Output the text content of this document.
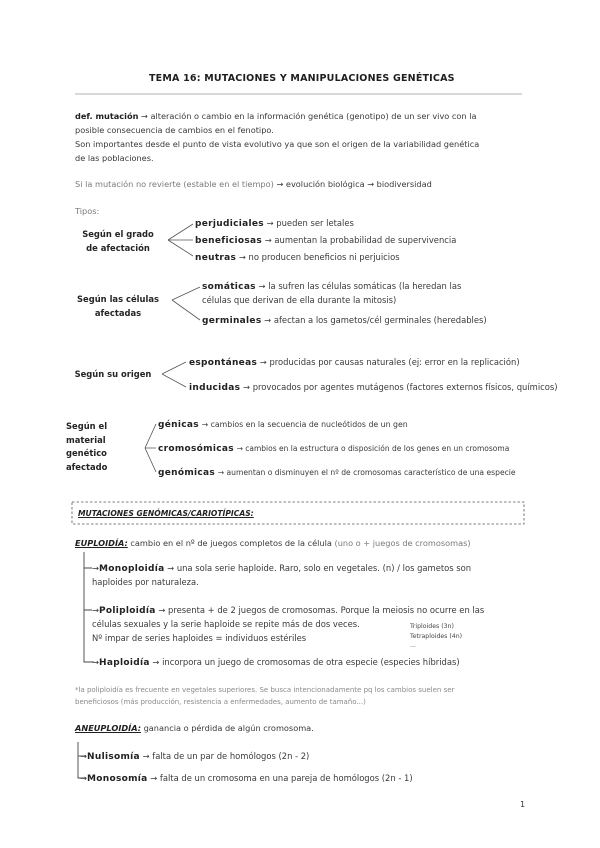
TEMA 16: MUTACIONES Y MANIPULACIONES GENÉTICAS
def. mutación → alteración o cambio en la información genética (genotipo) de un ser vivo con la
posible consecuencia de cambios en el fenotipo.
Son importantes desde el punto de vista evolutivo ya que son el origen de la variabilidad genética
de las poblaciones.
Si la mutación no revierte (estable en el tiempo) → evolución biológica → biodiversidad
Tipos:
Según el grado
de afectación
perjudiciales → pueden ser letales
beneficiosas → aumentan la probabilidad de supervivencia
neutras → no producen beneficios ni perjuicios
Según las células
afectadas
somáticas → la sufren las células somáticas (la heredan las
células que derivan de ella durante la mitosis)
germinales → afectan a los gametos/cél germinales (heredables)
Según su origen
espontáneas → producidas por causas naturales (ej: error en la replicación)
inducidas → provocados por agentes mutágenos (factores externos físicos, químicos)
Según el
material
genético
afectado
génicas → cambios en la secuencia de nucleótidos de un gen
cromosómicas → cambios en la estructura o disposición de los genes en un cromosoma
genómicas → aumentan o disminuyen el nº de cromosomas característico de una especie
MUTACIONES GENÓMICAS/CARIOTÍPICAS:
EUPLOIDÍA: cambio en el nº de juegos completos de la célula (uno o + juegos de cromosomas)
→Monoploidía → una sola serie haploide. Raro, solo en vegetales. (n) / los gametos son
haploides por naturaleza.
→Poliploidía → presenta + de 2 juegos de cromosomas. Porque la meiosis no ocurre en las
células sexuales y la serie haploide se repite más de dos veces.
Nº impar de series haploides = individuos estériles
Triploides (3n)
Tetraploides (4n)
...
→Haploidía → incorpora un juego de cromosomas de otra especie (especies híbridas)
*la poliploidía es frecuente en vegetales superiores. Se busca intencionadamente pq los cambios suelen ser
beneficiosos (más producción, resistencia a enfermedades, aumento de tamaño...)
ANEUPLOIDÍA: ganancia o pérdida de algún cromosoma.
→Nulisomía → falta de un par de homólogos (2n - 2)
→Monosomía → falta de un cromosoma en una pareja de homólogos (2n - 1)
1
